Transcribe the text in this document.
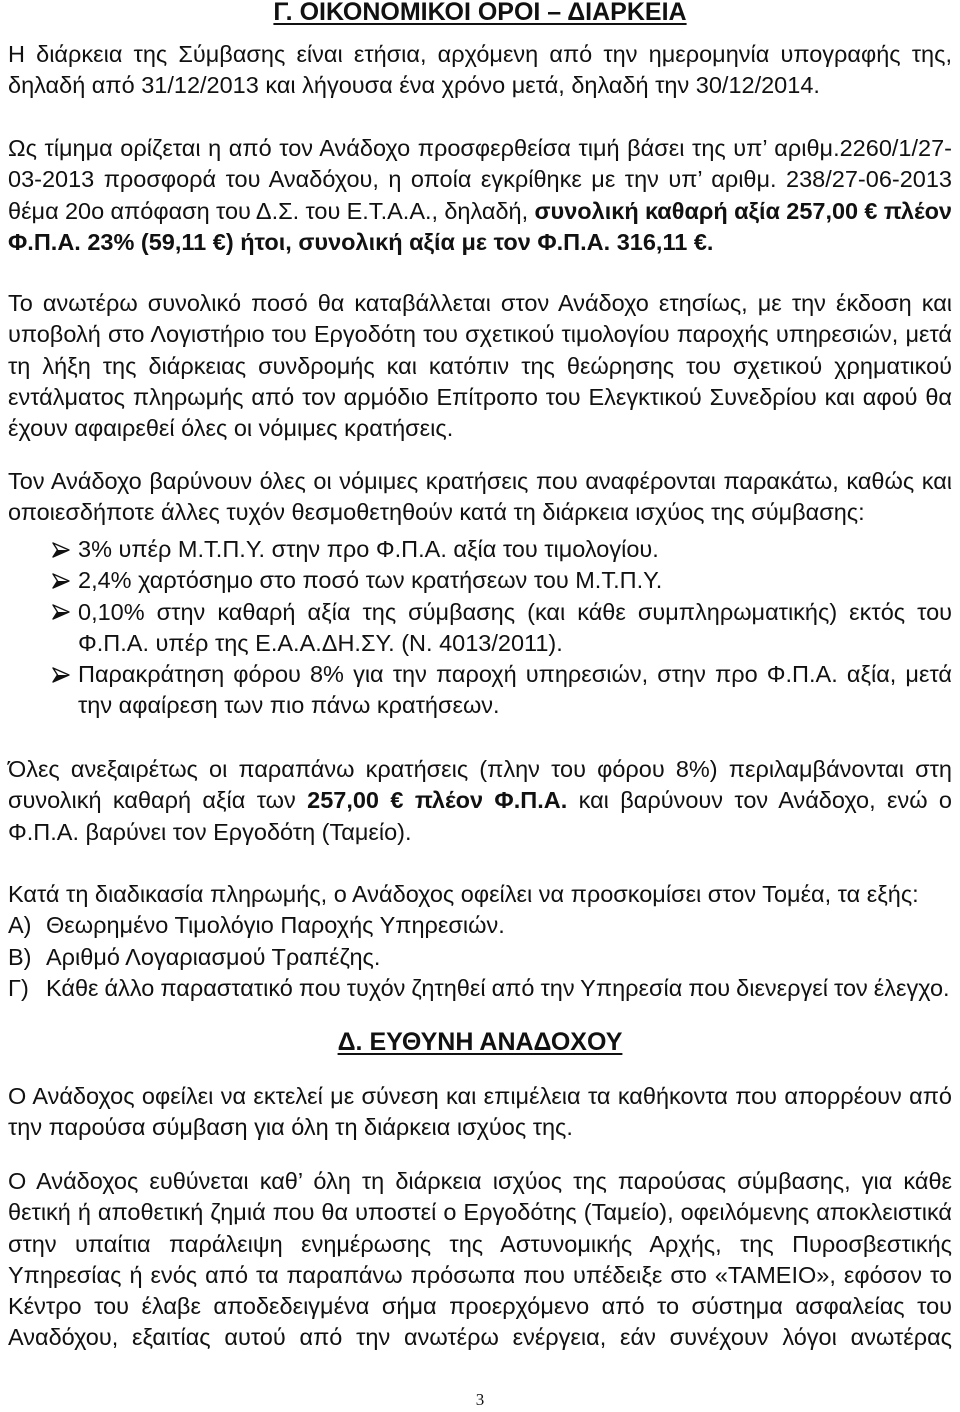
Γ. ΟΙΚΟΝΟΜΙΚΟΙ ΟΡΟΙ – ΔΙΑΡΚΕΙΑ
Η διάρκεια της Σύμβασης είναι ετήσια, αρχόμενη από την ημερομηνία υπογραφής της,
δηλαδή από 31/12/2013 και λήγουσα ένα χρόνο μετά, δηλαδή την 30/12/2014.
Ως τίμημα ορίζεται η από τον Ανάδοχο προσφερθείσα τιμή βάσει της υπ’ αριθμ.2260/1/27-
03-2013 προσφορά του Αναδόχου, η οποία εγκρίθηκε με την υπ’ αριθμ. 238/27-06-2013
θέμα 20ο απόφαση του Δ.Σ. του Ε.Τ.Α.Α., δηλαδή, συνολική καθαρή αξία 257,00 € πλέον
Φ.Π.Α. 23% (59,11 €) ήτοι, συνολική αξία με τον Φ.Π.Α. 316,11 €.
Το ανωτέρω συνολικό ποσό θα καταβάλλεται στον Ανάδοχο ετησίως, με την έκδοση και
υποβολή στο Λογιστήριο του Εργοδότη του σχετικού τιμολογίου παροχής υπηρεσιών, μετά
τη λήξη της διάρκειας συνδρομής και κατόπιν της θεώρησης του σχετικού χρηματικού
εντάλματος πληρωμής από τον αρμόδιο Επίτροπο του Ελεγκτικού Συνεδρίου και αφού θα
έχουν αφαιρεθεί όλες οι νόμιμες κρατήσεις.
Τον Ανάδοχο βαρύνουν όλες οι νόμιμες κρατήσεις που αναφέρονται παρακάτω, καθώς και
οποιεσδήποτε άλλες τυχόν θεσμοθετηθούν κατά τη διάρκεια ισχύος της σύμβασης:
3% υπέρ Μ.Τ.Π.Υ. στην προ Φ.Π.Α. αξία του τιμολογίου.
2,4% χαρτόσημο στο ποσό των κρατήσεων του Μ.Τ.Π.Υ.
0,10% στην καθαρή αξία της σύμβασης (και κάθε συμπληρωματικής) εκτός του
Φ.Π.Α. υπέρ της Ε.Α.Α.ΔΗ.ΣΥ. (Ν. 4013/2011).
Παρακράτηση φόρου 8% για την παροχή υπηρεσιών, στην προ Φ.Π.Α. αξία, μετά
την αφαίρεση των πιο πάνω κρατήσεων.
Όλες ανεξαιρέτως οι παραπάνω κρατήσεις (πλην του φόρου 8%) περιλαμβάνονται στη
συνολική καθαρή αξία των 257,00 € πλέον Φ.Π.Α. και βαρύνουν τον Ανάδοχο, ενώ ο
Φ.Π.Α. βαρύνει τον Εργοδότη (Ταμείο).
Κατά τη διαδικασία πληρωμής, ο Ανάδοχος οφείλει να προσκομίσει στον Τομέα, τα εξής:
Α) Θεωρημένο Τιμολόγιο Παροχής Υπηρεσιών.
Β) Αριθμό Λογαριασμού Τραπέζης.
Γ) Κάθε άλλο παραστατικό που τυχόν ζητηθεί από την Υπηρεσία που διενεργεί τον έλεγχο.
Δ. ΕΥΘΥΝΗ ΑΝΑΔΟΧΟΥ
Ο Ανάδοχος οφείλει να εκτελεί με σύνεση και επιμέλεια τα καθήκοντα που απορρέουν από
την παρούσα σύμβαση για όλη τη διάρκεια ισχύος της.
Ο Ανάδοχος ευθύνεται καθ’ όλη τη διάρκεια ισχύος της παρούσας σύμβασης, για κάθε
θετική ή αποθετική ζημιά που θα υποστεί ο Εργοδότης (Ταμείο), οφειλόμενης αποκλειστικά
στην υπαίτια παράλειψη ενημέρωσης της Αστυνομικής Αρχής, της Πυροσβεστικής
Υπηρεσίας ή ενός από τα παραπάνω πρόσωπα που υπέδειξε στο «ΤΑΜΕΙΟ», εφόσον το
Κέντρο του έλαβε αποδεδειγμένα σήμα προερχόμενο από το σύστημα ασφαλείας του
Αναδόχου, εξαιτίας αυτού από την ανωτέρω ενέργεια, εάν συνέχουν λόγοι ανωτέρας
3
